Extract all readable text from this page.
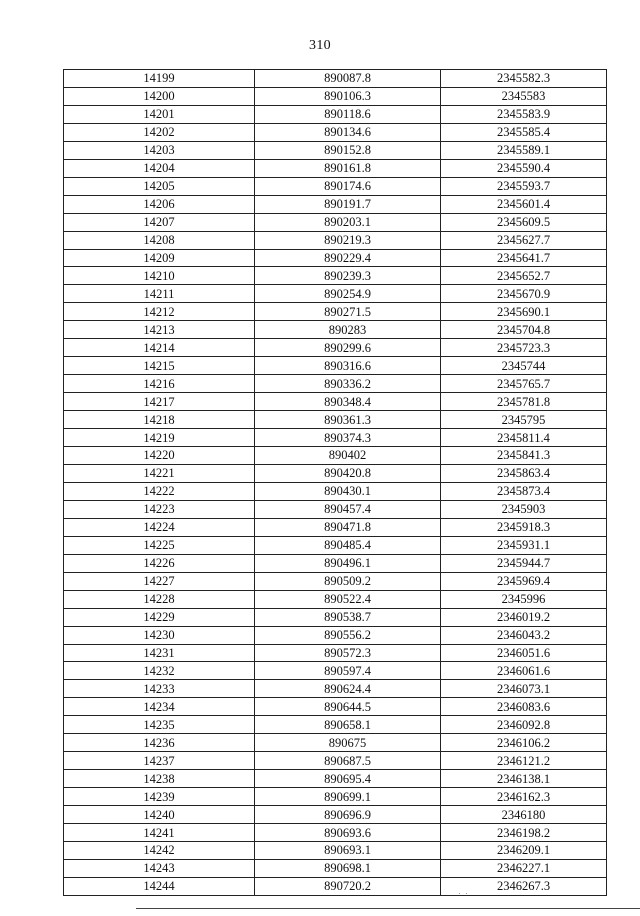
310
14199	890087.8	2345582.3
14200	890106.3	2345583
14201	890118.6	2345583.9
14202	890134.6	2345585.4
14203	890152.8	2345589.1
14204	890161.8	2345590.4
14205	890174.6	2345593.7
14206	890191.7	2345601.4
14207	890203.1	2345609.5
14208	890219.3	2345627.7
14209	890229.4	2345641.7
14210	890239.3	2345652.7
14211	890254.9	2345670.9
14212	890271.5	2345690.1
14213	890283	2345704.8
14214	890299.6	2345723.3
14215	890316.6	2345744
14216	890336.2	2345765.7
14217	890348.4	2345781.8
14218	890361.3	2345795
14219	890374.3	2345811.4
14220	890402	2345841.3
14221	890420.8	2345863.4
14222	890430.1	2345873.4
14223	890457.4	2345903
14224	890471.8	2345918.3
14225	890485.4	2345931.1
14226	890496.1	2345944.7
14227	890509.2	2345969.4
14228	890522.4	2345996
14229	890538.7	2346019.2
14230	890556.2	2346043.2
14231	890572.3	2346051.6
14232	890597.4	2346061.6
14233	890624.4	2346073.1
14234	890644.5	2346083.6
14235	890658.1	2346092.8
14236	890675	2346106.2
14237	890687.5	2346121.2
14238	890695.4	2346138.1
14239	890699.1	2346162.3
14240	890696.9	2346180
14241	890693.6	2346198.2
14242	890693.1	2346209.1
14243	890698.1	2346227.1
14244	890720.2	2346267.3
